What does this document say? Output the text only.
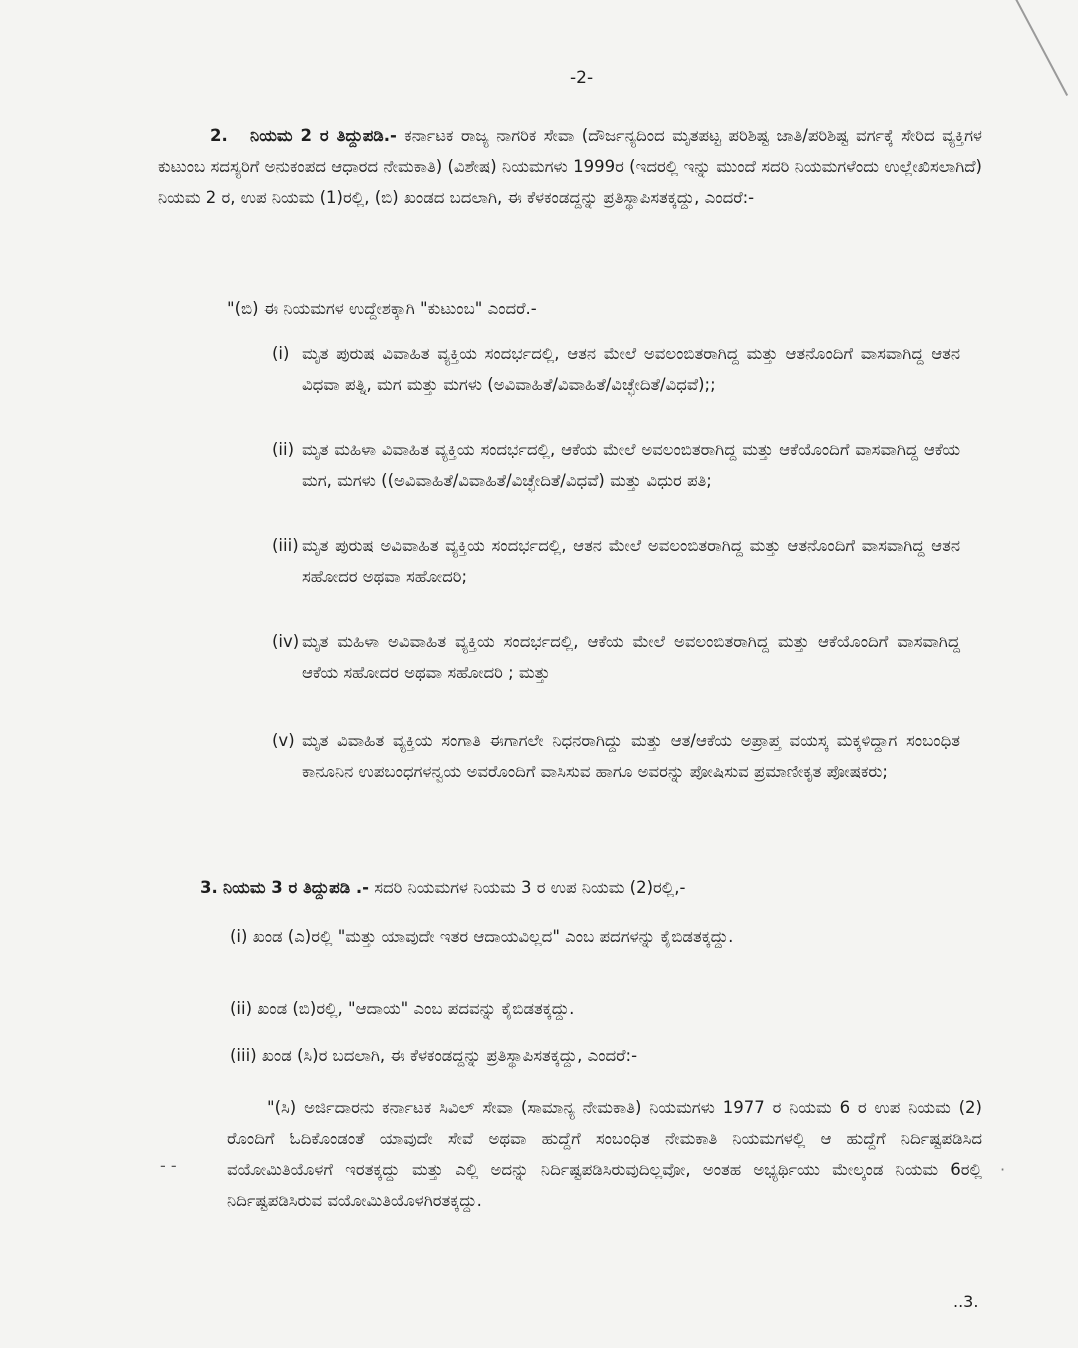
-2-
2. ನಿಯಮ 2 ರ ತಿದ್ದುಪಡಿ.- ಕರ್ನಾಟಕ ರಾಜ್ಯ ನಾಗರಿಕ ಸೇವಾ (ದೌರ್ಜನ್ಯದಿಂದ ಮೃತಪಟ್ಟ ಪರಿಶಿಷ್ಟ ಜಾತಿ/ಪರಿಶಿಷ್ಟ ವರ್ಗಕ್ಕೆ ಸೇರಿದ ವ್ಯಕ್ತಿಗಳ ಕುಟುಂಬ ಸದಸ್ಯರಿಗೆ ಅನುಕಂಪದ ಆಧಾರದ ನೇಮಕಾತಿ) (ವಿಶೇಷ) ನಿಯಮಗಳು 1999ರ (ಇದರಲ್ಲಿ ಇನ್ನು ಮುಂದೆ ಸದರಿ ನಿಯಮಗಳೆಂದು ಉಲ್ಲೇಖಿಸಲಾಗಿದೆ) ನಿಯಮ 2 ರ, ಉಪ ನಿಯಮ (1)ರಲ್ಲಿ, (ಬಿ) ಖಂಡದ ಬದಲಾಗಿ, ಈ ಕೆಳಕಂಡದ್ದನ್ನು ಪ್ರತಿಸ್ಥಾಪಿಸತಕ್ಕದ್ದು, ಎಂದರೆ:-
"(ಬಿ) ಈ ನಿಯಮಗಳ ಉದ್ದೇಶಕ್ಕಾಗಿ "ಕುಟುಂಬ" ಎಂದರೆ.-
(i) ಮೃತ ಪುರುಷ ವಿವಾಹಿತ ವ್ಯಕ್ತಿಯ ಸಂದರ್ಭದಲ್ಲಿ, ಆತನ ಮೇಲೆ ಅವಲಂಬಿತರಾಗಿದ್ದ ಮತ್ತು ಆತನೊಂದಿಗೆ ವಾಸವಾಗಿದ್ದ ಆತನ ವಿಧವಾ ಪತ್ನಿ, ಮಗ ಮತ್ತು ಮಗಳು (ಅವಿವಾಹಿತೆ/ವಿವಾಹಿತೆ/ವಿಚ್ಛೇದಿತೆ/ವಿಧವೆ);;
(ii) ಮೃತ ಮಹಿಳಾ ವಿವಾಹಿತ ವ್ಯಕ್ತಿಯ ಸಂದರ್ಭದಲ್ಲಿ, ಆಕೆಯ ಮೇಲೆ ಅವಲಂಬಿತರಾಗಿದ್ದ ಮತ್ತು ಆಕೆಯೊಂದಿಗೆ ವಾಸವಾಗಿದ್ದ ಆಕೆಯ ಮಗ, ಮಗಳು ((ಅವಿವಾಹಿತೆ/ವಿವಾಹಿತೆ/ವಿಚ್ಛೇದಿತೆ/ವಿಧವೆ) ಮತ್ತು ವಿಧುರ ಪತಿ;
(iii) ಮೃತ ಪುರುಷ ಅವಿವಾಹಿತ ವ್ಯಕ್ತಿಯ ಸಂದರ್ಭದಲ್ಲಿ, ಆತನ ಮೇಲೆ ಅವಲಂಬಿತರಾಗಿದ್ದ ಮತ್ತು ಆತನೊಂದಿಗೆ ವಾಸವಾಗಿದ್ದ ಆತನ ಸಹೋದರ ಅಥವಾ ಸಹೋದರಿ;
(iv) ಮೃತ ಮಹಿಳಾ ಅವಿವಾಹಿತ ವ್ಯಕ್ತಿಯ ಸಂದರ್ಭದಲ್ಲಿ, ಆಕೆಯ ಮೇಲೆ ಅವಲಂಬಿತರಾಗಿದ್ದ ಮತ್ತು ಆಕೆಯೊಂದಿಗೆ ವಾಸವಾಗಿದ್ದ ಆಕೆಯ ಸಹೋದರ ಅಥವಾ ಸಹೋದರಿ ; ಮತ್ತು
(v) ಮೃತ ವಿವಾಹಿತ ವ್ಯಕ್ತಿಯ ಸಂಗಾತಿ ಈಗಾಗಲೇ ನಿಧನರಾಗಿದ್ದು ಮತ್ತು ಆತ/ಆಕೆಯ ಅಪ್ರಾಪ್ತ ವಯಸ್ಕ ಮಕ್ಕಳಿದ್ದಾಗ ಸಂಬಂಧಿತ ಕಾನೂನಿನ ಉಪಬಂಧಗಳನ್ವಯ ಅವರೊಂದಿಗೆ ವಾಸಿಸುವ ಹಾಗೂ ಅವರನ್ನು ಪೋಷಿಸುವ ಪ್ರಮಾಣೀಕೃತ ಪೋಷಕರು;
3. ನಿಯಮ 3 ರ ತಿದ್ದುಪಡಿ .- ಸದರಿ ನಿಯಮಗಳ ನಿಯಮ 3 ರ ಉಪ ನಿಯಮ (2)ರಲ್ಲಿ,-
(i) ಖಂಡ (ಎ)ರಲ್ಲಿ "ಮತ್ತು ಯಾವುದೇ ಇತರ ಆದಾಯವಿಲ್ಲದ" ಎಂಬ ಪದಗಳನ್ನು ಕೈಬಿಡತಕ್ಕದ್ದು.
(ii) ಖಂಡ (ಬಿ)ರಲ್ಲಿ, "ಆದಾಯ" ಎಂಬ ಪದವನ್ನು ಕೈಬಿಡತಕ್ಕದ್ದು.
(iii) ಖಂಡ (ಸಿ)ರ ಬದಲಾಗಿ, ಈ ಕೆಳಕಂಡದ್ದನ್ನು ಪ್ರತಿಸ್ಥಾಪಿಸತಕ್ಕದ್ದು, ಎಂದರೆ:-
"(ಸಿ) ಅರ್ಜಿದಾರನು ಕರ್ನಾಟಕ ಸಿವಿಲ್ ಸೇವಾ (ಸಾಮಾನ್ಯ ನೇಮಕಾತಿ) ನಿಯಮಗಳು 1977 ರ ನಿಯಮ 6 ರ ಉಪ ನಿಯಮ (2) ರೊಂದಿಗೆ ಓದಿಕೊಂಡಂತೆ ಯಾವುದೇ ಸೇವೆ ಅಥವಾ ಹುದ್ದೆಗೆ ಸಂಬಂಧಿತ ನೇಮಕಾತಿ ನಿಯಮಗಳಲ್ಲಿ ಆ ಹುದ್ದೆಗೆ ನಿರ್ದಿಷ್ಟಪಡಿಸಿದ ವಯೋಮಿತಿಯೊಳಗೆ ಇರತಕ್ಕದ್ದು ಮತ್ತು ಎಲ್ಲಿ ಅದನ್ನು ನಿರ್ದಿಷ್ಟಪಡಿಸಿರುವುದಿಲ್ಲವೋ, ಅಂತಹ ಅಭ್ಯರ್ಥಿಯು ಮೇಲ್ಕಂಡ ನಿಯಮ 6ರಲ್ಲಿ ನಿರ್ದಿಷ್ಟಪಡಿಸಿರುವ ವಯೋಮಿತಿಯೊಳಗಿರತಕ್ಕದ್ದು.
- -	·
..3.
